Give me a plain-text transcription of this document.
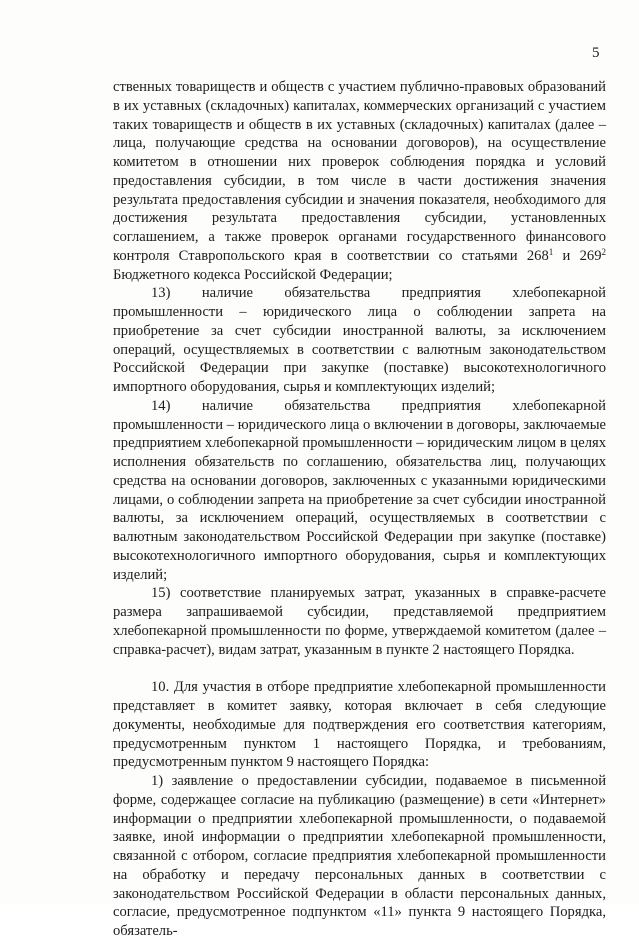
5

ственных товариществ и обществ с участием публично-правовых образований в их уставных (складочных) капиталах, коммерческих организаций с участием таких товариществ и обществ в их уставных (складочных) капиталах (далее – лица, получающие средства на основании договоров), на осуществление комитетом в отношении них проверок соблюдения порядка и условий предоставления субсидии, в том числе в части достижения значения результата предоставления субсидии и значения показателя, необходимого для достижения результата предоставления субсидии, установленных соглашением, а также проверок органами государственного финансового контроля Ставропольского края в соответствии со статьями $268^1$ и $269^2$ Бюджетного кодекса Российской Федерации;

13) наличие обязательства предприятия хлебопекарной промышленности – юридического лица о соблюдении запрета на приобретение за счет субсидии иностранной валюты, за исключением операций, осуществляемых в соответствии с валютным законодательством Российской Федерации при закупке (поставке) высокотехнологичного импортного оборудования, сырья и комплектующих изделий;

14) наличие обязательства предприятия хлебопекарной промышленности – юридического лица о включении в договоры, заключаемые предприятием хлебопекарной промышленности – юридическим лицом в целях исполнения обязательств по соглашению, обязательства лиц, получающих средства на основании договоров, заключенных с указанными юридическими лицами, о соблюдении запрета на приобретение за счет субсидии иностранной валюты, за исключением операций, осуществляемых в соответствии с валютным законодательством Российской Федерации при закупке (поставке) высокотехнологичного импортного оборудования, сырья и комплектующих изделий;

15) соответствие планируемых затрат, указанных в справке-расчете размера запрашиваемой субсидии, представляемой предприятием хлебопекарной промышленности по форме, утверждаемой комитетом (далее – справка-расчет), видам затрат, указанным в пункте 2 настоящего Порядка.

10. Для участия в отборе предприятие хлебопекарной промышленности представляет в комитет заявку, которая включает в себя следующие документы, необходимые для подтверждения его соответствия категориям, предусмотренным пунктом 1 настоящего Порядка, и требованиям, предусмотренным пунктом 9 настоящего Порядка:

1) заявление о предоставлении субсидии, подаваемое в письменной форме, содержащее согласие на публикацию (размещение) в сети «Интернет» информации о предприятии хлебопекарной промышленности, о подаваемой заявке, иной информации о предприятии хлебопекарной промышленности, связанной с отбором, согласие предприятия хлебопекарной промышленности на обработку и передачу персональных данных в соответствии с законодательством Российской Федерации в области персональных данных, согласие, предусмотренное подпунктом «11» пункта 9 настоящего Порядка, обязатель-
